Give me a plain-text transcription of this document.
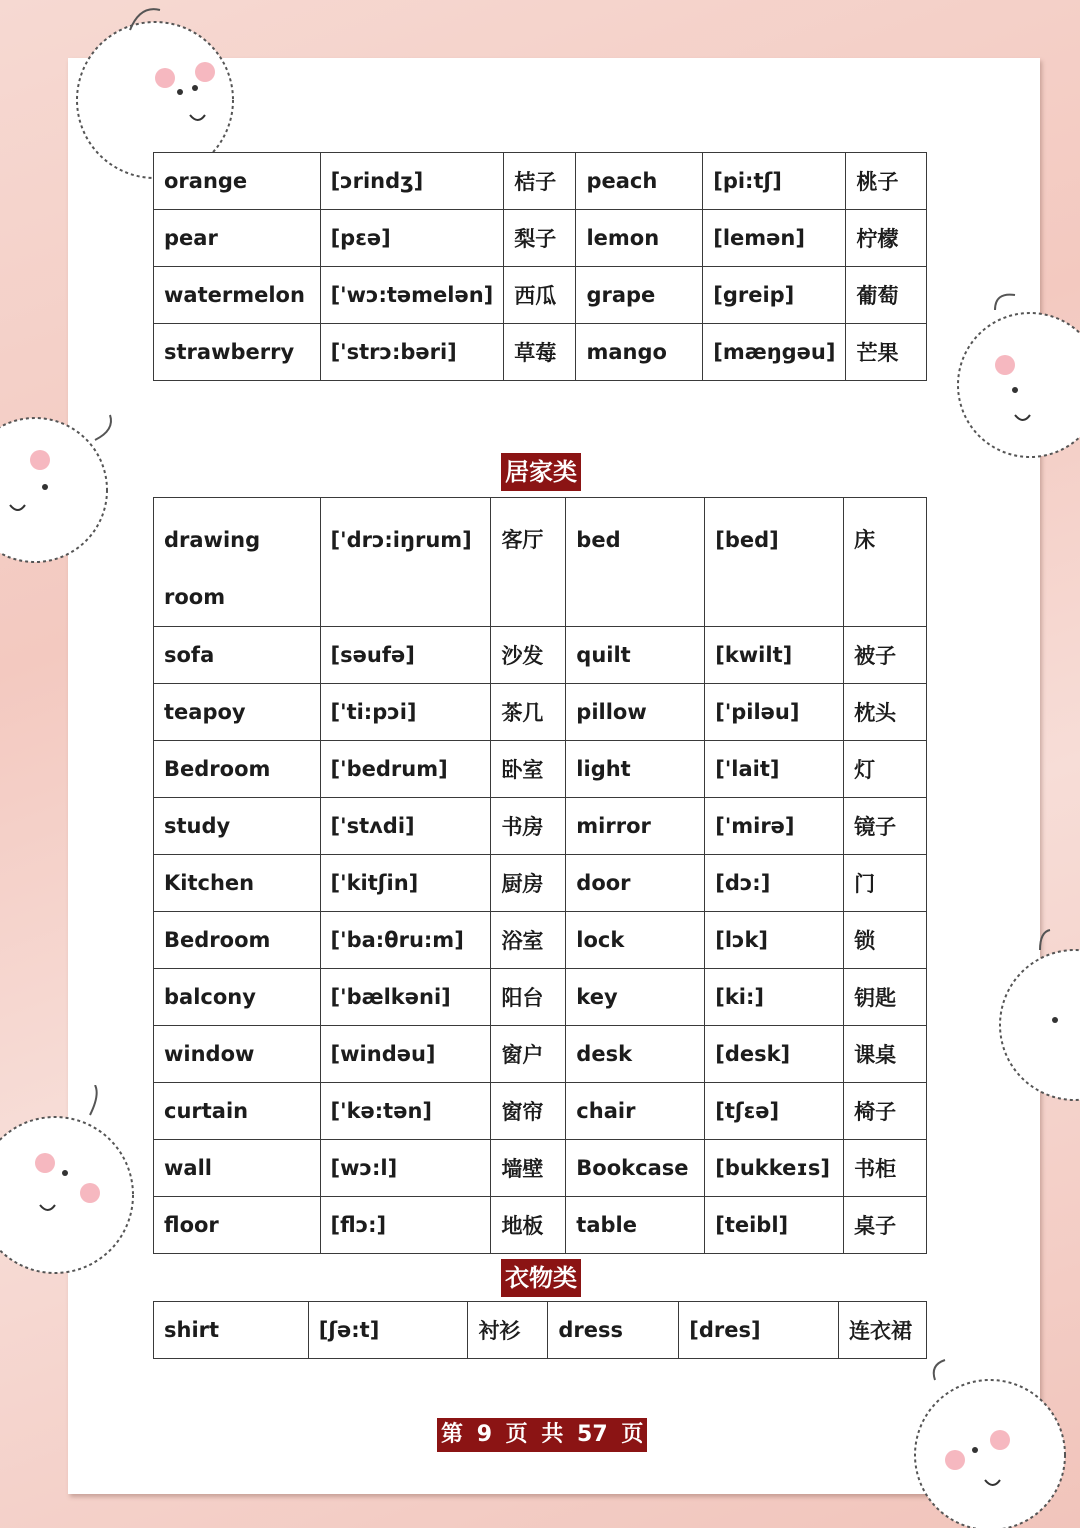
orange	[ɔrindʒ]	桔子	peach	[pi:tʃ]	桃子
pear	[pɛə]	梨子	lemon	[lemən]	柠檬
watermelon	['wɔ:təmelən]	西瓜	grape	[greip]	葡萄
strawberry	['strɔ:bəri]	草莓	mango	[mæŋgəu]	芒果
居家类
drawing room	['drɔ:iŋrum]	客厅	bed	[bed]	床
sofa	[səufə]	沙发	quilt	[kwilt]	被子
teapoy	['ti:pɔi]	茶几	pillow	['piləu]	枕头
Bedroom	['bedrum]	卧室	light	['lait]	灯
study	['stʌdi]	书房	mirror	['mirə]	镜子
Kitchen	['kitʃin]	厨房	door	[dɔ:]	门
Bedroom	['ba:θru:m]	浴室	lock	[lɔk]	锁
balcony	['bælkəni]	阳台	key	[ki:]	钥匙
window	[windəu]	窗户	desk	[desk]	课桌
curtain	['kə:tən]	窗帘	chair	[tʃɛə]	椅子
wall	[wɔ:l]	墙壁	Bookcase	[bukkeɪs]	书柜
floor	[flɔ:]	地板	table	[teibl]	桌子
衣物类
shirt	[ʃə:t]	衬衫	dress	[dres]	连衣裙
第 9 页 共 57 页
